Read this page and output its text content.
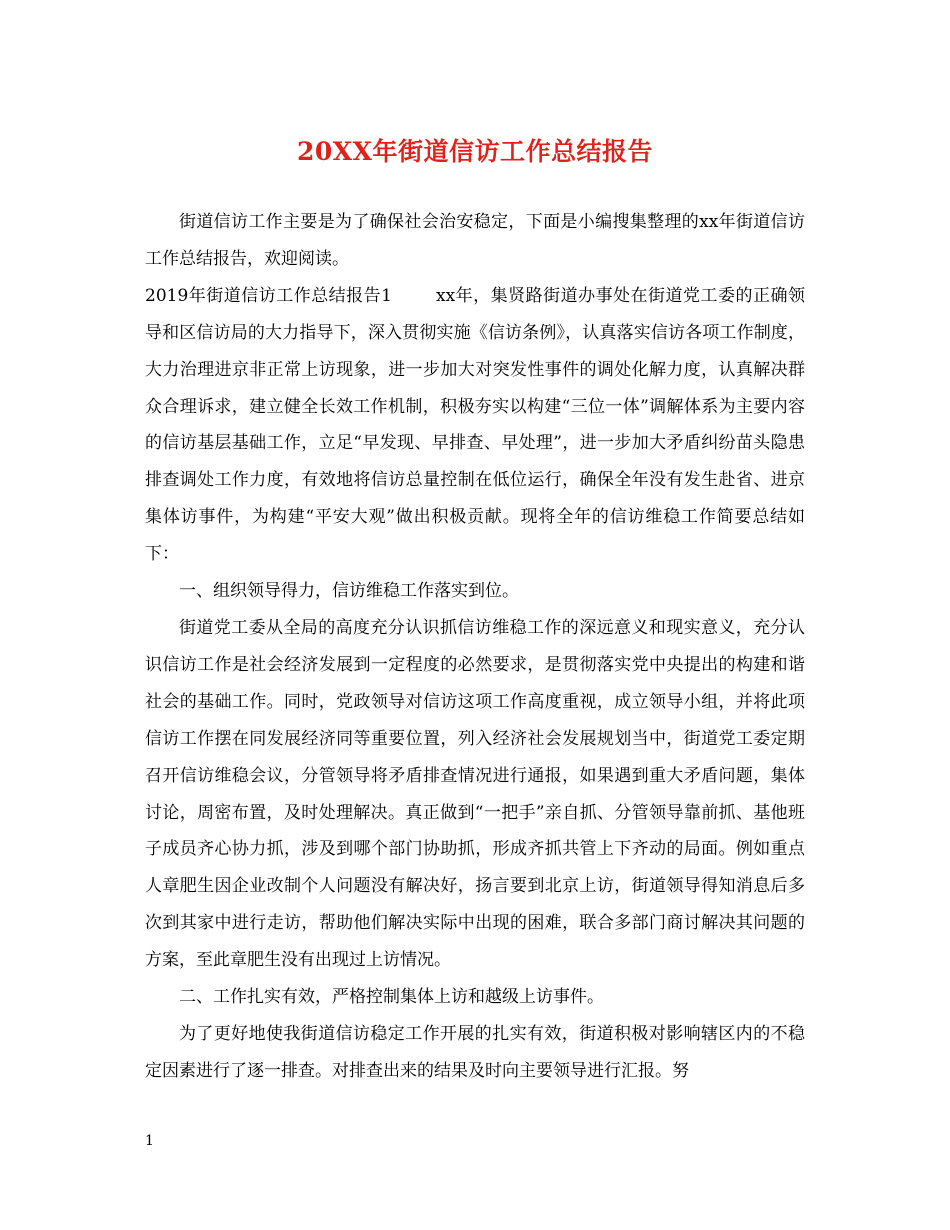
20XX年街道信访工作总结报告

街道信访工作主要是为了确保社会治安稳定，下面是小编搜集整理的xx年街道信访工作总结报告，欢迎阅读。

2019年街道信访工作总结报告1	xx年，集贤路街道办事处在街道党工委的正确领导和区信访局的大力指导下，深入贯彻实施《信访条例》，认真落实信访各项工作制度，大力治理进京非正常上访现象，进一步加大对突发性事件的调处化解力度，认真解决群众合理诉求，建立健全长效工作机制，积极夯实以构建“三位一体”调解体系为主要内容的信访基层基础工作，立足“早发现、早排查、早处理”，进一步加大矛盾纠纷苗头隐患排查调处工作力度，有效地将信访总量控制在低位运行，确保全年没有发生赴省、进京集体访事件，为构建“平安大观”做出积极贡献。现将全年的信访维稳工作简要总结如下：

一、组织领导得力，信访维稳工作落实到位。

街道党工委从全局的高度充分认识抓信访维稳工作的深远意义和现实意义，充分认识信访工作是社会经济发展到一定程度的必然要求，是贯彻落实党中央提出的构建和谐社会的基础工作。同时，党政领导对信访这项工作高度重视，成立领导小组，并将此项信访工作摆在同发展经济同等重要位置，列入经济社会发展规划当中，街道党工委定期召开信访维稳会议，分管领导将矛盾排查情况进行通报，如果遇到重大矛盾问题，集体讨论，周密布置，及时处理解决。真正做到“一把手”亲自抓、分管领导靠前抓、基他班子成员齐心协力抓，涉及到哪个部门协助抓，形成齐抓共管上下齐动的局面。例如重点人章肥生因企业改制个人问题没有解决好，扬言要到北京上访，街道领导得知消息后多次到其家中进行走访，帮助他们解决实际中出现的困难，联合多部门商讨解决其问题的方案，至此章肥生没有出现过上访情况。

二、工作扎实有效，严格控制集体上访和越级上访事件。

为了更好地使我街道信访稳定工作开展的扎实有效，街道积极对影响辖区内的不稳定因素进行了逐一排查。对排查出来的结果及时向主要领导进行汇报。努

1
